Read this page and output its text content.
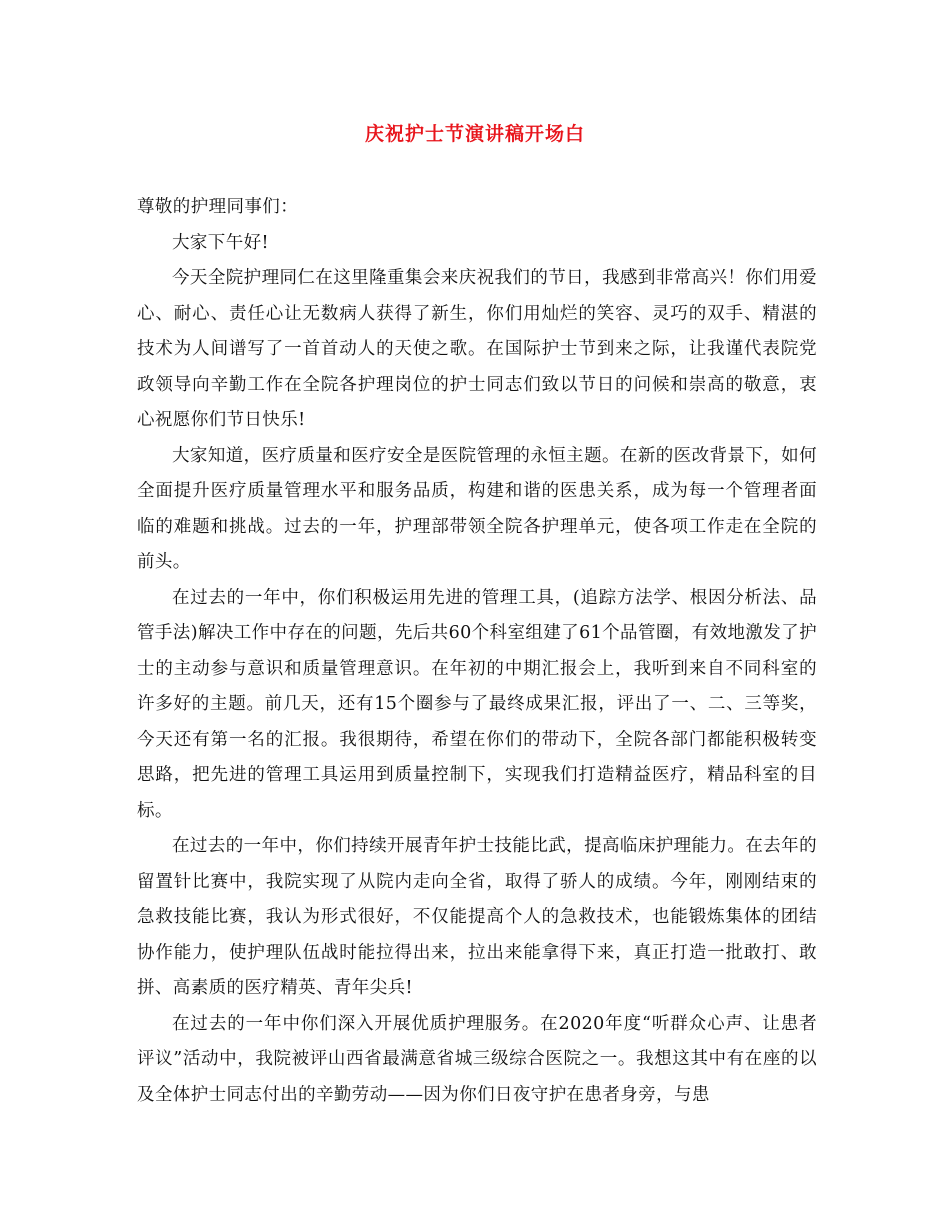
庆祝护士节演讲稿开场白

尊敬的护理同事们：

大家下午好!

今天全院护理同仁在这里隆重集会来庆祝我们的节日，我感到非常高兴！你们用爱心、耐心、责任心让无数病人获得了新生，你们用灿烂的笑容、灵巧的双手、精湛的技术为人间谱写了一首首动人的天使之歌。在国际护士节到来之际，让我谨代表院党政领导向辛勤工作在全院各护理岗位的护士同志们致以节日的问候和崇高的敬意，衷心祝愿你们节日快乐!

大家知道，医疗质量和医疗安全是医院管理的永恒主题。在新的医改背景下，如何全面提升医疗质量管理水平和服务品质，构建和谐的医患关系，成为每一个管理者面临的难题和挑战。过去的一年，护理部带领全院各护理单元，使各项工作走在全院的前头。

在过去的一年中，你们积极运用先进的管理工具，(追踪方法学、根因分析法、品管手法)解决工作中存在的问题，先后共60个科室组建了61个品管圈，有效地激发了护士的主动参与意识和质量管理意识。在年初的中期汇报会上，我听到来自不同科室的许多好的主题。前几天，还有15个圈参与了最终成果汇报，评出了一、二、三等奖，今天还有第一名的汇报。我很期待，希望在你们的带动下，全院各部门都能积极转变思路，把先进的管理工具运用到质量控制下，实现我们打造精益医疗，精品科室的目标。

在过去的一年中，你们持续开展青年护士技能比武，提高临床护理能力。在去年的留置针比赛中，我院实现了从院内走向全省，取得了骄人的成绩。今年，刚刚结束的急救技能比赛，我认为形式很好，不仅能提高个人的急救技术，也能锻炼集体的团结协作能力，使护理队伍战时能拉得出来，拉出来能拿得下来，真正打造一批敢打、敢拼、高素质的医疗精英、青年尖兵!

在过去的一年中你们深入开展优质护理服务。在2020年度“听群众心声、让患者评议”活动中，我院被评山西省最满意省城三级综合医院之一。我想这其中有在座的以及全体护士同志付出的辛勤劳动——因为你们日夜守护在患者身旁，与患
